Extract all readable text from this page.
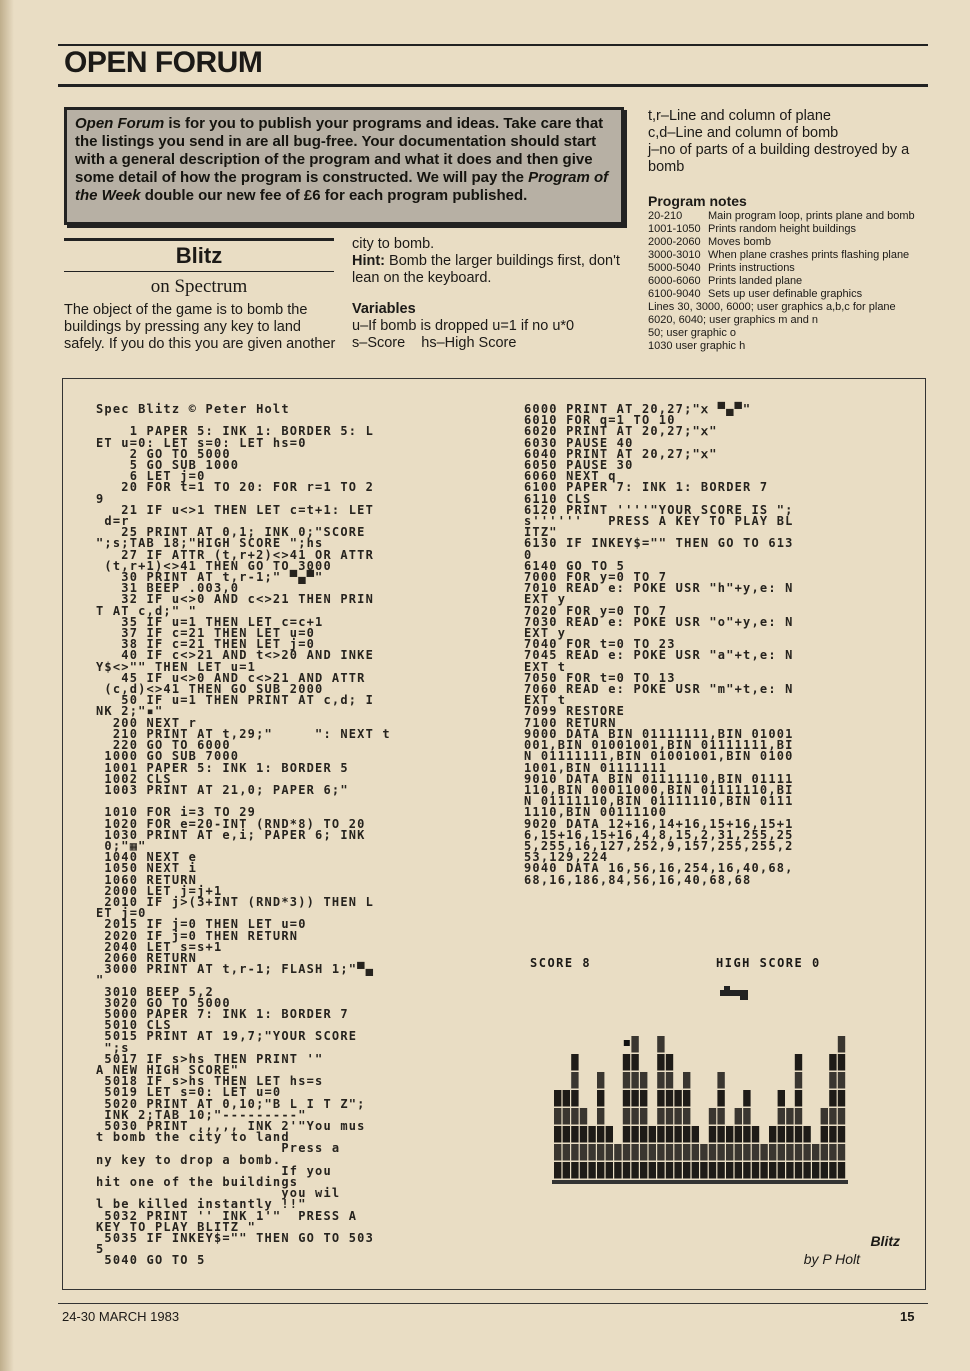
OPEN FORUM
Open Forum is for you to publish your programs and ideas. Take care that the listings you send in are all bug-free. Your documentation should start with a general description of the program and what it does and then give some detail of how the program is constructed. We will pay the Program of the Week double our new fee of £6 for each program published.
Blitz
on Spectrum
The object of the game is to bomb the buildings by pressing any key to land safely. If you do this you are given another
city to bomb.
Hint: Bomb the larger buildings first, don't lean on the keyboard.
Variables
u–If bomb is dropped u=1 if no u*0
s–Score    hs–High Score
t,r–Line and column of plane
c,d–Line and column of bomb
j–no of parts of a building destroyed by a bomb
Program notes
20-210	Main program loop, prints plane and bomb
1001-1050 Prints random height buildings
2000-2060 Moves bomb
3000-3010 When plane crashes prints flashing plane
5000-5040 Prints instructions
6000-6060 Prints landed plane
6100-9040 Sets up user definable graphics
Lines 30, 3000, 6000; user graphics a,b,c for plane
6020, 6040; user graphics m and n
50; user graphic o
1030 user graphic h
Spec Blitz © Peter Holt

1 PAPER 5: INK 1: BORDER 5: L
ET u=0: LET s=0: LET hs=0
2 GO TO 5000
5 GO SUB 1000
6 LET j=0
20 FOR t=1 TO 20: FOR r=1 TO 2
9
21 IF u<>1 THEN LET c=t+1: LET
d=r
25 PRINT AT 0,1; INK 0;"SCORE
";s;TAB 18;"HIGH SCORE ";hs
27 IF ATTR (t,r+2)<>41 OR ATTR
(t,r+1)<>41 THEN GO TO 3000
30 PRINT AT t,r-1;" ▀▄▀"
31 BEEP .003,0
32 IF u<>0 AND c<>21 THEN PRIN
T AT c,d;" "
35 IF u=1 THEN LET c=c+1
37 IF c=21 THEN LET u=0
38 IF c=21 THEN LET j=0
40 IF c<>21 AND t<>20 AND INKE
Y$<>"" THEN LET u=1
45 IF u<>0 AND c<>21 AND ATTR
(c,d)<>41 THEN GO SUB 2000
50 IF u=1 THEN PRINT AT c,d; I
NK 2;"▪"
200 NEXT r
210 PRINT AT t,29;"     ": NEXT t
220 GO TO 6000
1000 GO SUB 7000
1001 PAPER 5: INK 1: BORDER 5
1002 CLS
1003 PRINT AT 21,0; PAPER 6;"

1010 FOR i=3 TO 29
1020 FOR e=20-INT (RND*8) TO 20
1030 PRINT AT e,i; PAPER 6; INK
0;"▦"
1040 NEXT e
1050 NEXT i
1060 RETURN
2000 LET j=j+1
2010 IF j>(3+INT (RND*3)) THEN L
ET j=0
2015 IF j=0 THEN LET u=0
2020 IF j=0 THEN RETURN
2040 LET s=s+1
2060 RETURN
3000 PRINT AT t,r-1; FLASH 1;"▀▄
"
3010 BEEP 5,2
3020 GO TO 5000
5000 PAPER 7: INK 1: BORDER 7
5010 CLS
5015 PRINT AT 19,7;"YOUR SCORE
";s
5017 IF s>hs THEN PRINT '"
A NEW HIGH SCORE"
5018 IF s>hs THEN LET hs=s
5019 LET s=0: LET u=0
5020 PRINT AT 0,10;"B L I T Z";
INK 2;TAB 10;"---------"
5030 PRINT ,,,,, INK 2'"You mus
t bomb the city to land
Press a
ny key to drop a bomb.
If you
hit one of the buildings
you wil
l be killed instantly !!"
5032 PRINT '' INK 1'"  PRESS A
KEY TO PLAY BLITZ "
5035 IF INKEY$="" THEN GO TO 503
5
5040 GO TO 5
6000 PRINT AT 20,27;"ⅹ ▀▄▀"
6010 FOR q=1 TO 10
6020 PRINT AT 20,27;"ⅹ"
6030 PAUSE 40
6040 PRINT AT 20,27;"ⅹ"
6050 PAUSE 30
6060 NEXT q
6100 PAPER 7: INK 1: BORDER 7
6110 CLS
6120 PRINT ''''"YOUR SCORE IS ";
s''''''   PRESS A KEY TO PLAY BL
ITZ"
6130 IF INKEY$="" THEN GO TO 613
0
6140 GO TO 5
7000 FOR y=0 TO 7
7010 READ e: POKE USR "h"+y,e: N
EXT y
7020 FOR y=0 TO 7
7030 READ e: POKE USR "o"+y,e: N
EXT y
7040 FOR t=0 TO 23
7045 READ e: POKE USR "a"+t,e: N
EXT t
7050 FOR t=0 TO 13
7060 READ e: POKE USR "m"+t,e: N
EXT t
7099 RESTORE
7100 RETURN
9000 DATA BIN 01111111,BIN 01001
001,BIN 01001001,BIN 01111111,BI
N 01111111,BIN 01001001,BIN 0100
1001,BIN 01111111
9010 DATA BIN 01111110,BIN 01111
110,BIN 00011000,BIN 01111110,BI
N 01111110,BIN 01111110,BIN 0111
1110,BIN 00111100
9020 DATA 12+16,14+16,15+16,15+1
6,15+16,15+16,4,8,15,2,31,255,25
5,255,16,127,252,9,157,255,255,2
53,129,224
9040 DATA 16,56,16,254,16,40,68,
68,16,186,84,56,16,40,68,68
SCORE 8	HIGH SCORE 0
Blitz
by P Holt
24-30 MARCH 1983	15
